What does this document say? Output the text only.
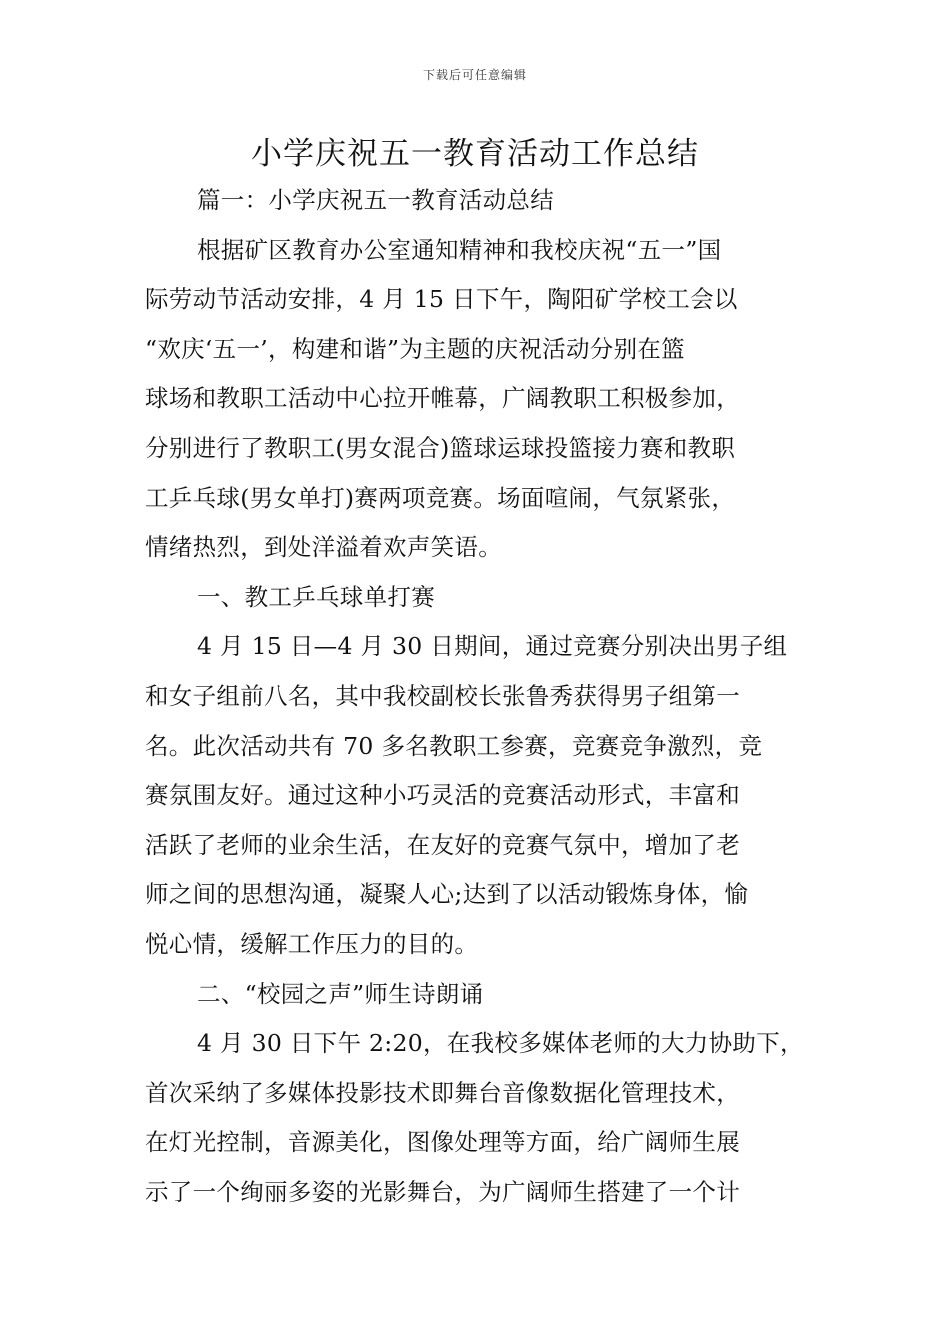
下载后可任意编辑
小学庆祝五一教育活动工作总结
篇一：小学庆祝五一教育活动总结
根据矿区教育办公室通知精神和我校庆祝“五一”国
际劳动节活动安排，4 月 15 日下午，陶阳矿学校工会以
“欢庆‘五一’，构建和谐”为主题的庆祝活动分别在篮
球场和教职工活动中心拉开帷幕，广阔教职工积极参加，
分别进行了教职工(男女混合)篮球运球投篮接力赛和教职
工乒乓球(男女单打)赛两项竞赛。场面喧闹，气氛紧张，
情绪热烈，到处洋溢着欢声笑语。
一、教工乒乓球单打赛
4 月 15 日—4 月 30 日期间，通过竞赛分别决出男子组
和女子组前八名，其中我校副校长张鲁秀获得男子组第一
名。此次活动共有 70 多名教职工参赛，竞赛竞争激烈，竞
赛氛围友好。通过这种小巧灵活的竞赛活动形式，丰富和
活跃了老师的业余生活，在友好的竞赛气氛中，增加了老
师之间的思想沟通，凝聚人心;达到了以活动锻炼身体，愉
悦心情，缓解工作压力的目的。
二、“校园之声”师生诗朗诵
4 月 30 日下午 2:20，在我校多媒体老师的大力协助下，
首次采纳了多媒体投影技术即舞台音像数据化管理技术，
在灯光控制，音源美化，图像处理等方面，给广阔师生展
示了一个绚丽多姿的光影舞台，为广阔师生搭建了一个计
